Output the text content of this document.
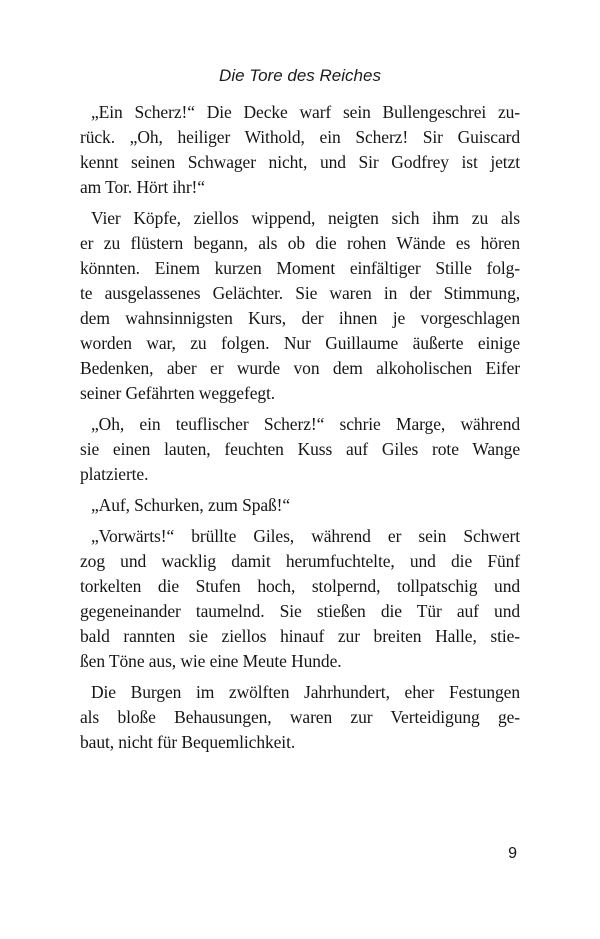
Die Tore des Reiches

„Ein Scherz!“ Die Decke warf sein Bullengeschrei zu-
rück. „Oh, heiliger Withold, ein Scherz! Sir Guiscard
kennt seinen Schwager nicht, und Sir Godfrey ist jetzt
am Tor. Hört ihr!“

Vier Köpfe, ziellos wippend, neigten sich ihm zu als
er zu flüstern begann, als ob die rohen Wände es hören
könnten. Einem kurzen Moment einfältiger Stille folg-
te ausgelassenes Gelächter. Sie waren in der Stimmung,
dem wahnsinnigsten Kurs, der ihnen je vorgeschlagen
worden war, zu folgen. Nur Guillaume äußerte einige
Bedenken, aber er wurde von dem alkoholischen Eifer
seiner Gefährten weggefegt.

„Oh, ein teuflischer Scherz!“ schrie Marge, während
sie einen lauten, feuchten Kuss auf Giles rote Wange
platzierte.

„Auf, Schurken, zum Spaß!“

„Vorwärts!“ brüllte Giles, während er sein Schwert
zog und wacklig damit herumfuchtelte, und die Fünf
torkelten die Stufen hoch, stolpernd, tollpatschig und
gegeneinander taumelnd. Sie stießen die Tür auf und
bald rannten sie ziellos hinauf zur breiten Halle, stie-
ßen Töne aus, wie eine Meute Hunde.

Die Burgen im zwölften Jahrhundert, eher Festungen
als bloße Behausungen, waren zur Verteidigung ge-
baut, nicht für Bequemlichkeit.

9
